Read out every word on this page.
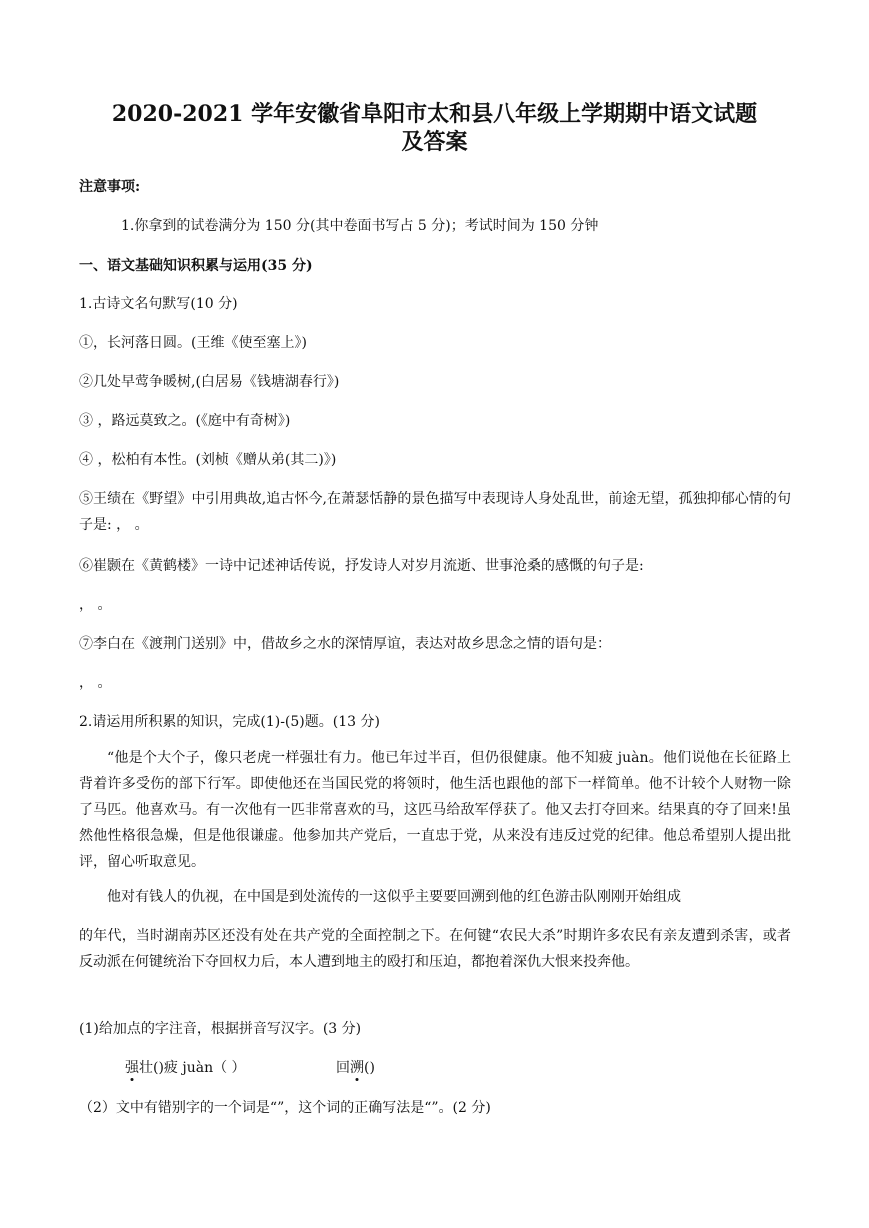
2020-2021 学年安徽省阜阳市太和县八年级上学期期中语文试题
及答案
注意事项:
1.你拿到的试卷满分为 150 分(其中卷面书写占 5 分)；考试时间为 150 分钟
一、语文基础知识积累与运用(35 分)
1.古诗文名句默写(10 分)
①，长河落日圆。(王维《使至塞上》)
②几处早莺争暖树,(白居易《钱塘湖春行》)
③ ，路远莫致之。(《庭中有奇树》)
④ ，松柏有本性。(刘桢《赠从弟(其二)》)
⑤王绩在《野望》中引用典故,追古怀今,在萧瑟恬静的景色描写中表现诗人身处乱世，前途无望，孤独抑郁心情的句子是: ， 。
⑥崔颢在《黄鹤楼》一诗中记述神话传说，抒发诗人对岁月流逝、世事沧桑的感慨的句子是:
， 。
⑦李白在《渡荆门送别》中，借故乡之水的深情厚谊，表达对故乡思念之情的语句是：
， 。
2.请运用所积累的知识，完成(1)-(5)题。(13 分)
“他是个大个子，像只老虎一样强壮有力。他已年过半百，但仍很健康。他不知疲 juàn。他们说他在长征路上背着许多受伤的部下行军。即使他还在当国民党的将领时，他生活也跟他的部下一样简单。他不计较个人财物一除了马匹。他喜欢马。有一次他有一匹非常喜欢的马，这匹马给敌军俘获了。他又去打夺回来。结果真的夺了回来!虽然他性格很急燥，但是他很谦虚。他参加共产党后，一直忠于党，从来没有违反过党的纪律。他总希望别人提出批评，留心听取意见。
他对有钱人的仇视，在中国是到处流传的一这似乎主要要回溯到他的红色游击队刚刚开始组成
的年代，当时湖南苏区还没有处在共产党的全面控制之下。在何键“农民大杀”时期许多农民有亲友遭到杀害，或者反动派在何键统治下夺回权力后，本人遭到地主的殴打和压迫，都抱着深仇大恨来投奔他。
(1)给加点的字注音，根据拼音写汉字。(3 分)
强壮()疲 juàn（ ）	回溯()
（2）文中有错别字的一个词是“”，这个词的正确写法是“”。(2 分)
